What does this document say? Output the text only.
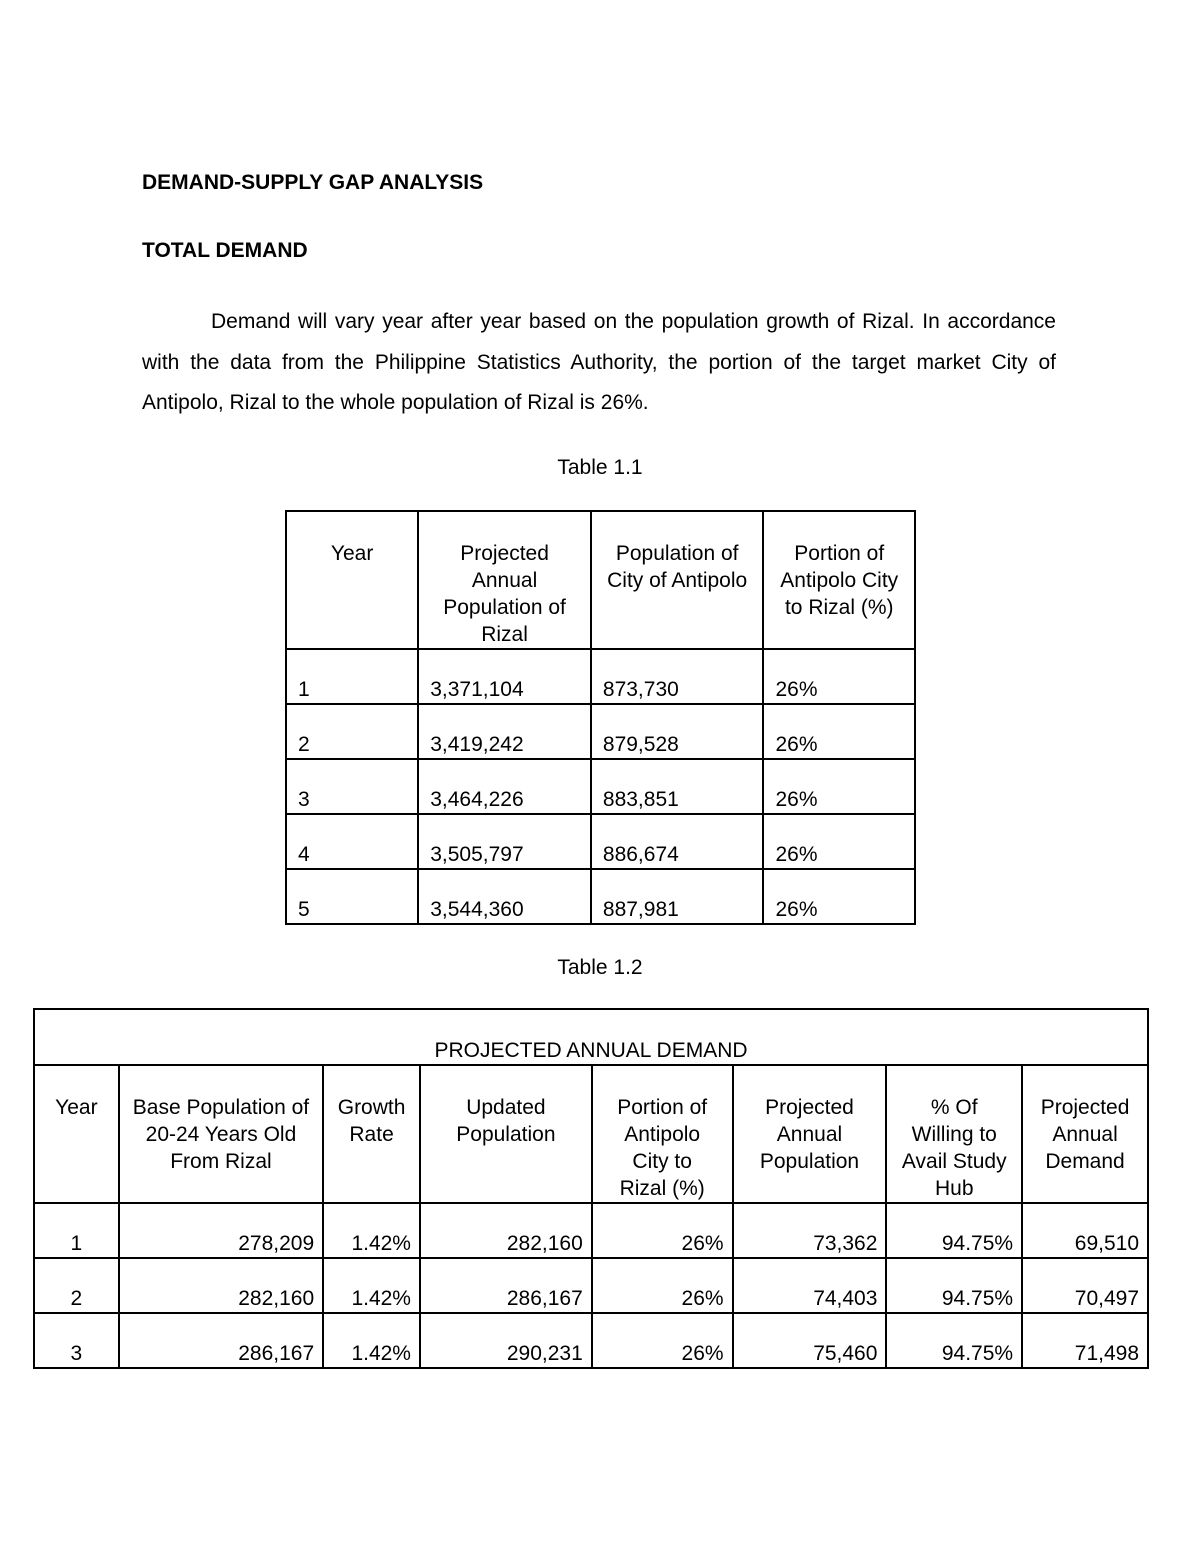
DEMAND-SUPPLY GAP ANALYSIS
TOTAL DEMAND

Demand will vary year after year based on the population growth of Rizal. In accordance with the data from the Philippine Statistics Authority, the portion of the target market City of Antipolo, Rizal to the whole population of Rizal is 26%.

Table 1.1
Year	Projected Annual Population of Rizal	Population of City of Antipolo	Portion of Antipolo City to Rizal (%)
1	3,371,104	873,730	26%
2	3,419,242	879,528	26%
3	3,464,226	883,851	26%
4	3,505,797	886,674	26%
5	3,544,360	887,981	26%
Table 1.2
PROJECTED ANNUAL DEMAND							
Year	Base Population of 20-24 Years Old From Rizal	Growth Rate	Updated Population	Portion of Antipolo City to Rizal (%)	Projected Annual Population	% Of Willing to Avail Study Hub	Projected Annual Demand
1	278,209	1.42%	282,160	26%	73,362	94.75%	69,510
2	282,160	1.42%	286,167	26%	74,403	94.75%	70,497
3	286,167	1.42%	290,231	26%	75,460	94.75%	71,498
